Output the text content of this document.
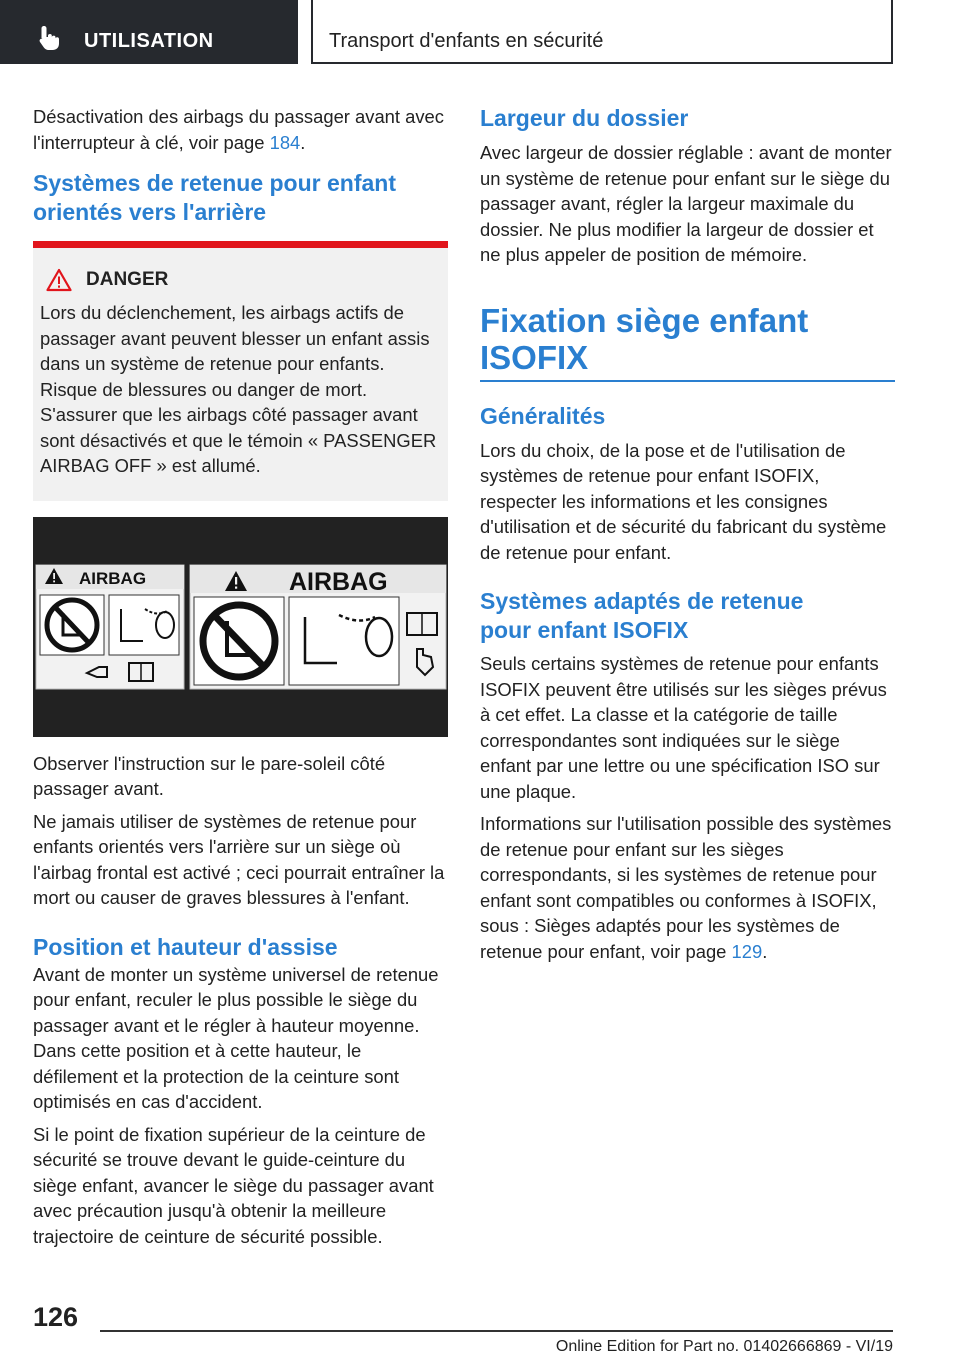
UTILISATION	Transport d'enfants en sécurité

Désactivation des airbags du passager avant avec l'interrupteur à clé, voir page 184.

Systèmes de retenue pour enfant
orientés vers l'arrière
DANGER

Lors du déclenchement, les airbags actifs de passager avant peuvent blesser un enfant assis dans un système de retenue pour enfants. Risque de blessures ou danger de mort. S'assurer que les airbags côté passager avant sont désactivés et que le témoin « PASSENGER AIRBAG OFF » est allumé.

AIRBAG	AIRBAG

Observer l'instruction sur le pare-soleil côté passager avant.

Ne jamais utiliser de systèmes de retenue pour enfants orientés vers l'arrière sur un siège où l'airbag frontal est activé ; ceci pourrait entraîner la mort ou causer de graves blessures à l'enfant.

Position et hauteur d'assise

Avant de monter un système universel de retenue pour enfant, reculer le plus possible le siège du passager avant et le régler à hauteur moyenne. Dans cette position et à cette hauteur, le défilement et la protection de la ceinture sont optimisés en cas d'accident.

Si le point de fixation supérieur de la ceinture de sécurité se trouve devant le guide-ceinture du siège enfant, avancer le siège du passager avant avec précaution jusqu'à obtenir la meilleure trajectoire de ceinture de sécurité possible.

Largeur du dossier

Avec largeur de dossier réglable : avant de monter un système de retenue pour enfant sur le siège du passager avant, régler la largeur maximale du dossier. Ne plus modifier la largeur de dossier et ne plus appeler de position de mémoire.

Fixation siège enfant
ISOFIX
Généralités

Lors du choix, de la pose et de l'utilisation de systèmes de retenue pour enfant ISOFIX, respecter les informations et les consignes d'utilisation et de sécurité du fabricant du système de retenue pour enfant.

Systèmes adaptés de retenue
pour enfant ISOFIX

Seuls certains systèmes de retenue pour enfants ISOFIX peuvent être utilisés sur les sièges prévus à cet effet. La classe et la catégorie de taille correspondantes sont indiquées sur le siège enfant par une lettre ou une spécification ISO sur une plaque.

Informations sur l'utilisation possible des systèmes de retenue pour enfant sur les sièges correspondants, si les systèmes de retenue pour enfant sont compatibles ou conformes à ISOFIX, sous : Sièges adaptés pour les systèmes de retenue pour enfant, voir page 129.

126
Online Edition for Part no. 01402666869 - VI/19
